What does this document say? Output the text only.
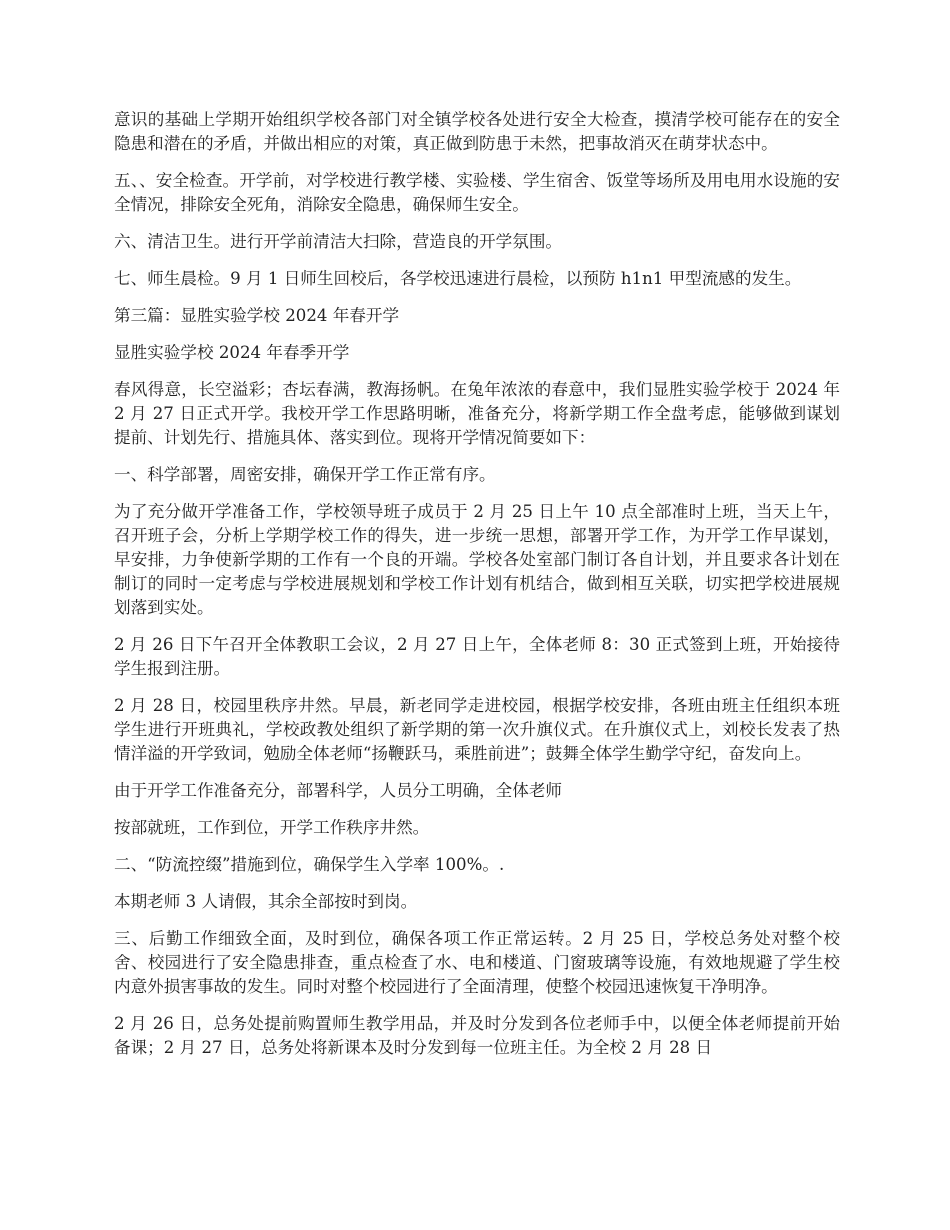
意识的基础上学期开始组织学校各部门对全镇学校各处进行安全大检查，摸清学校可能存在的安全隐患和潜在的矛盾，并做出相应的对策，真正做到防患于未然，把事故消灭在萌芽状态中。

五、、安全检查。开学前，对学校进行教学楼、实验楼、学生宿舍、饭堂等场所及用电用水设施的安全情况，排除安全死角，消除安全隐患，确保师生安全。

六、清洁卫生。进行开学前清洁大扫除，营造良的开学氛围。

七、师生晨检。9 月 1 日师生回校后，各学校迅速进行晨检，以预防 h1n1 甲型流感的发生。

第三篇：显胜实验学校 2024 年春开学

显胜实验学校 2024 年春季开学

春风得意，长空溢彩；杏坛春满，教海扬帆。在兔年浓浓的春意中，我们显胜实验学校于 2024 年 2 月 27 日正式开学。我校开学工作思路明晰，准备充分，将新学期工作全盘考虑，能够做到谋划提前、计划先行、措施具体、落实到位。现将开学情况简要如下：

一、科学部署，周密安排，确保开学工作正常有序。

为了充分做开学准备工作，学校领导班子成员于 2 月 25 日上午 10 点全部准时上班，当天上午，召开班子会，分析上学期学校工作的得失，进一步统一思想，部署开学工作，为开学工作早谋划，早安排，力争使新学期的工作有一个良的开端。学校各处室部门制订各自计划，并且要求各计划在制订的同时一定考虑与学校进展规划和学校工作计划有机结合，做到相互关联，切实把学校进展规划落到实处。

2 月 26 日下午召开全体教职工会议，2 月 27 日上午，全体老师 8：30 正式签到上班，开始接待学生报到注册。

2 月 28 日，校园里秩序井然。早晨，新老同学走进校园，根据学校安排，各班由班主任组织本班学生进行开班典礼，学校政教处组织了新学期的第一次升旗仪式。在升旗仪式上，刘校长发表了热情洋溢的开学致词，勉励全体老师“扬鞭跃马，乘胜前进”；鼓舞全体学生勤学守纪，奋发向上。

由于开学工作准备充分，部署科学，人员分工明确，全体老师

按部就班，工作到位，开学工作秩序井然。

二、“防流控缀”措施到位，确保学生入学率 100%。.

本期老师 3 人请假，其余全部按时到岗。

三、后勤工作细致全面，及时到位，确保各项工作正常运转。2 月 25 日，学校总务处对整个校舍、校园进行了安全隐患排查，重点检查了水、电和楼道、门窗玻璃等设施，有效地规避了学生校内意外损害事故的发生。同时对整个校园进行了全面清理，使整个校园迅速恢复干净明净。

2 月 26 日，总务处提前购置师生教学用品，并及时分发到各位老师手中，以便全体老师提前开始备课；2 月 27 日，总务处将新课本及时分发到每一位班主任。为全校 2 月 28 日
